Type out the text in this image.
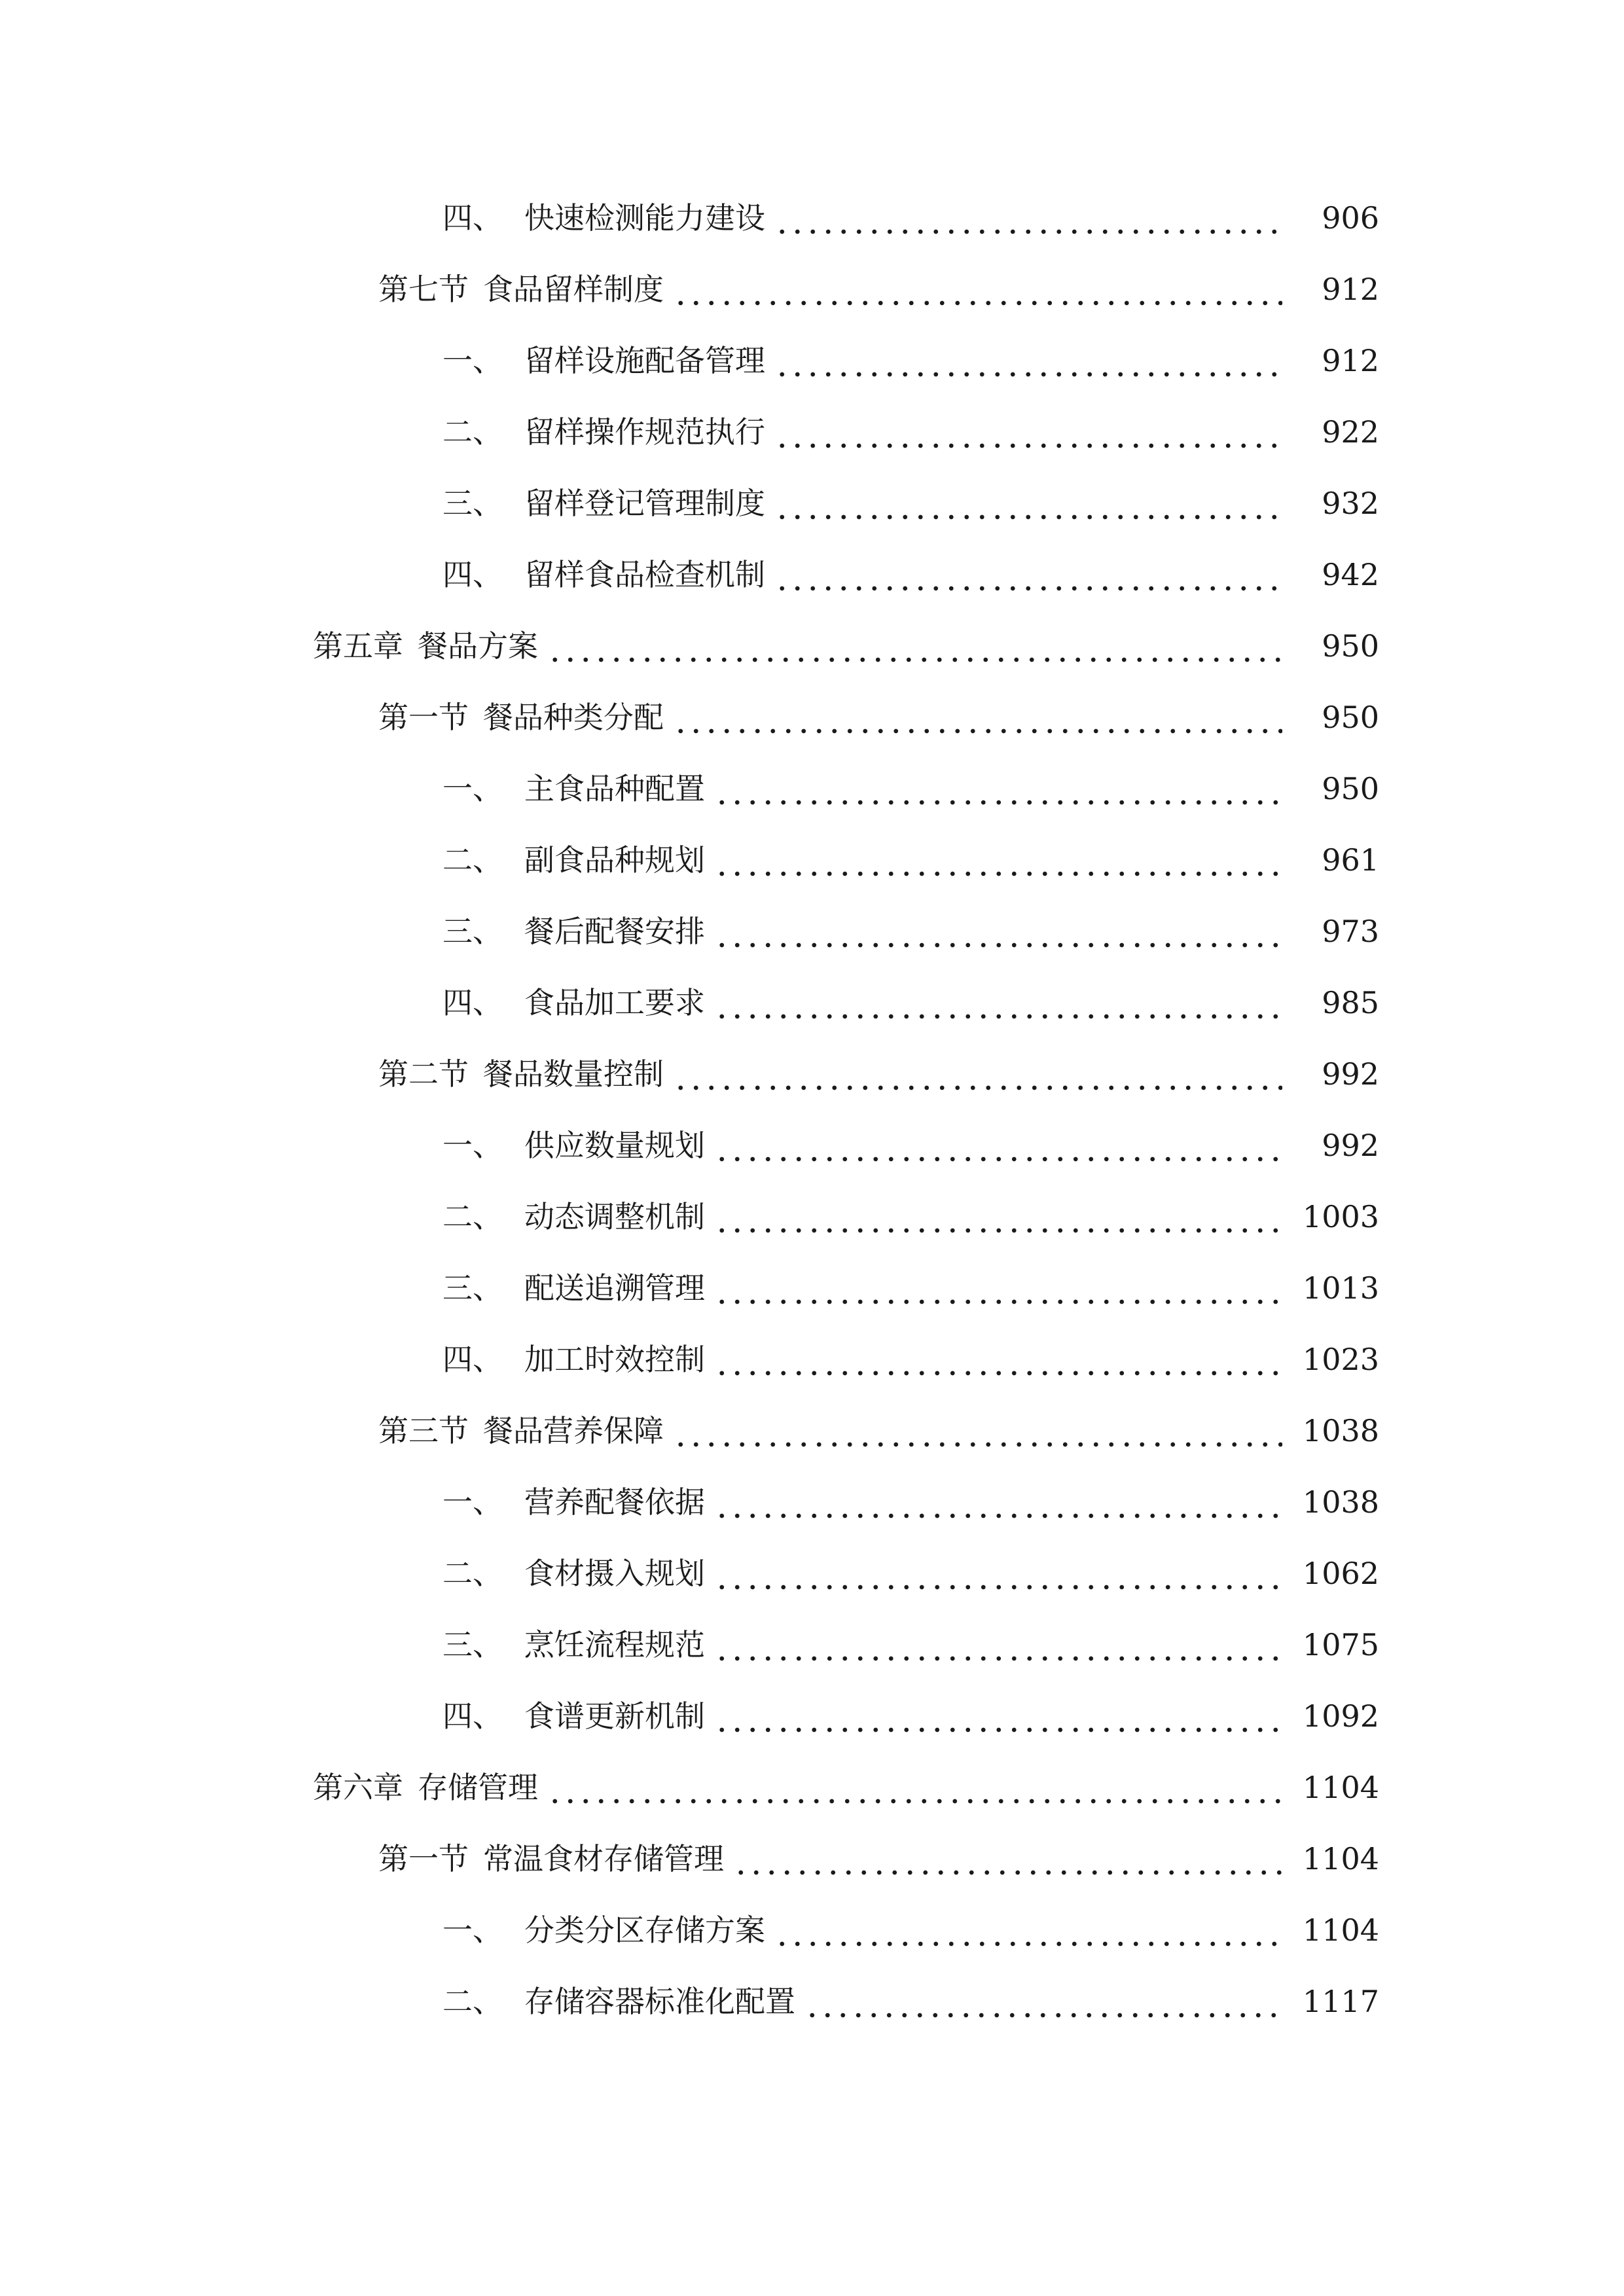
四、 快速检测能力建设	906
第七节 食品留样制度	912
一、 留样设施配备管理	912
二、 留样操作规范执行	922
三、 留样登记管理制度	932
四、 留样食品检查机制	942
第五章 餐品方案	950
第一节 餐品种类分配	950
一、 主食品种配置	950
二、 副食品种规划	961
三、 餐后配餐安排	973
四、 食品加工要求	985
第二节 餐品数量控制	992
一、 供应数量规划	992
二、 动态调整机制	1003
三、 配送追溯管理	1013
四、 加工时效控制	1023
第三节 餐品营养保障	1038
一、 营养配餐依据	1038
二、 食材摄入规划	1062
三、 烹饪流程规范	1075
四、 食谱更新机制	1092
第六章 存储管理	1104
第一节 常温食材存储管理	1104
一、 分类分区存储方案	1104
二、 存储容器标准化配置	1117
